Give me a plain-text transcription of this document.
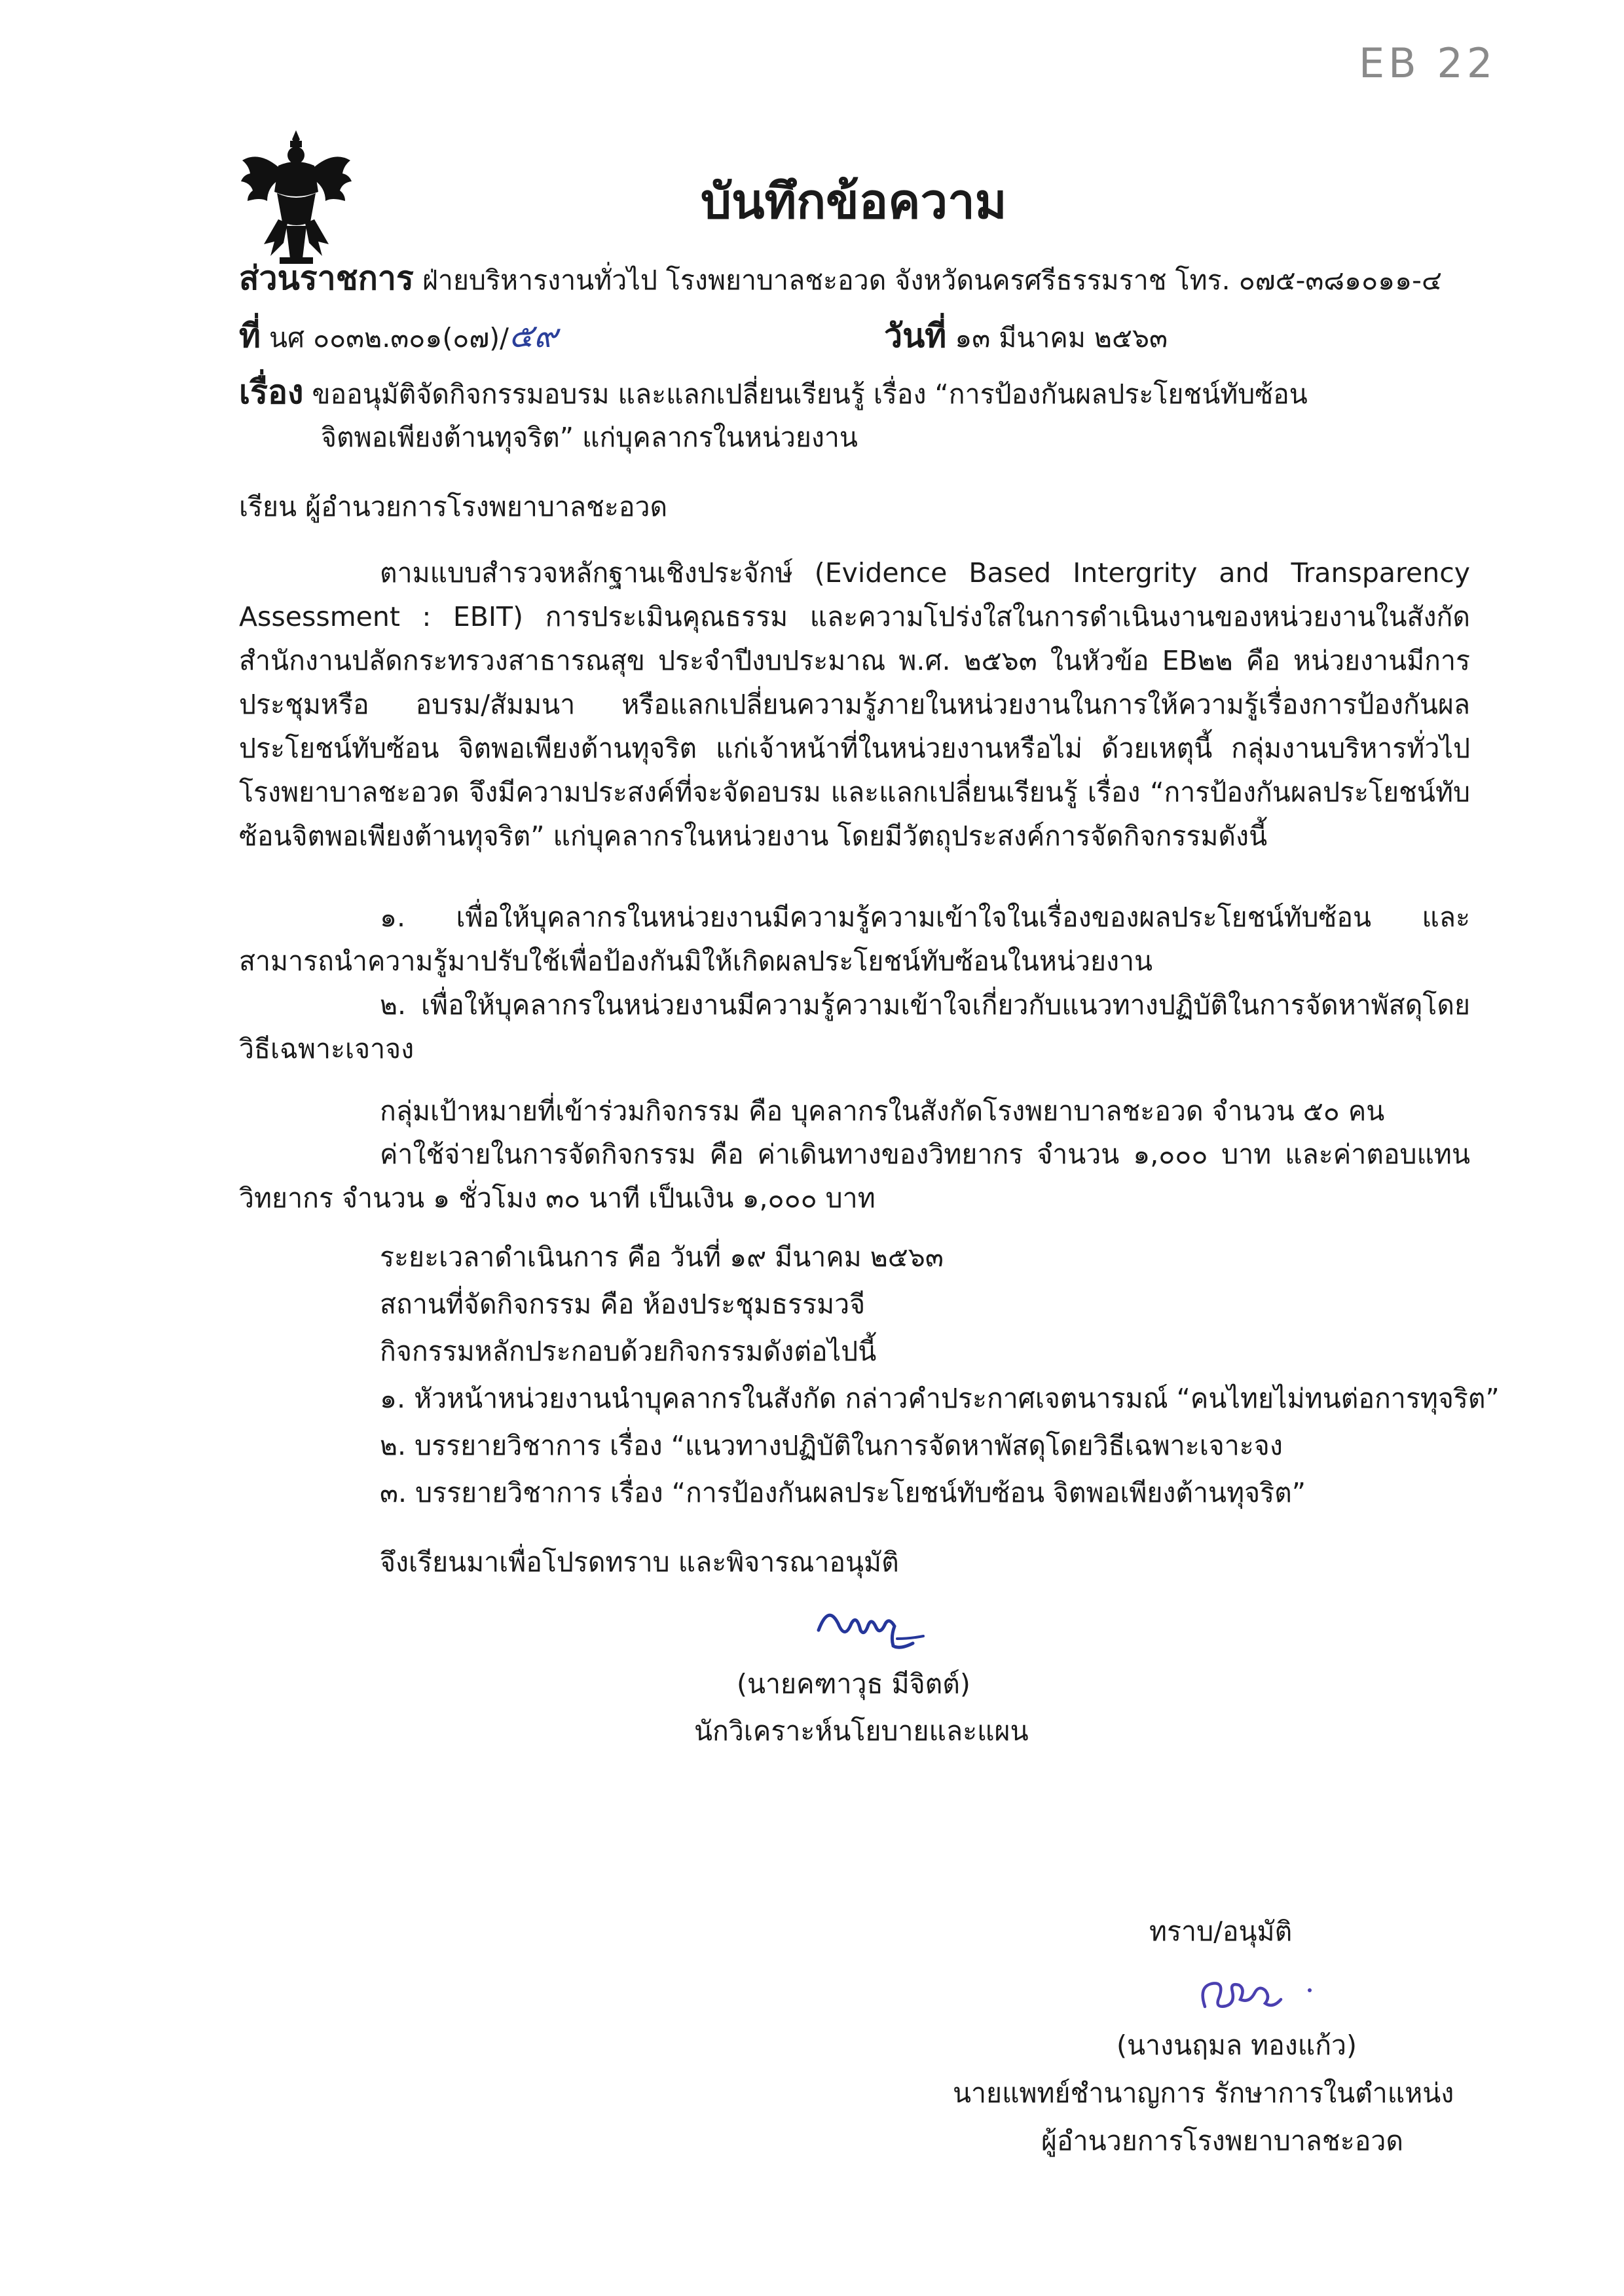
EB 22
บันทึกข้อความ
ส่วนราชการ ฝ่ายบริหารงานทั่วไป โรงพยาบาลชะอวด จังหวัดนครศรีธรรมราช โทร. ๐๗๕-๓๘๑๐๑๑-๔
ที่ นศ ๐๐๓๒.๓๐๑(๐๗)/๕๙	วันที่ ๑๓ มีนาคม ๒๕๖๓
เรื่อง ขออนุมัติจัดกิจกรรมอบรม และแลกเปลี่ยนเรียนรู้ เรื่อง “การป้องกันผลประโยชน์ทับซ้อน
จิตพอเพียงต้านทุจริต” แก่บุคลากรในหน่วยงาน
เรียน ผู้อำนวยการโรงพยาบาลชะอวด
ตามแบบสำรวจหลักฐานเชิงประจักษ์ (Evidence Based Intergrity and Transparency Assessment : EBIT) การประเมินคุณธรรม และความโปร่งใสในการดำเนินงานของหน่วยงานในสังกัดสำนักงานปลัดกระทรวงสาธารณสุข ประจำปีงบประมาณ พ.ศ. ๒๕๖๓ ในหัวข้อ EB๒๒ คือ หน่วยงานมีการประชุมหรือ อบรม/สัมมนา หรือแลกเปลี่ยนความรู้ภายในหน่วยงานในการให้ความรู้เรื่องการป้องกันผลประโยชน์ทับซ้อน จิตพอเพียงต้านทุจริต แก่เจ้าหน้าที่ในหน่วยงานหรือไม่ ด้วยเหตุนี้ กลุ่มงานบริหารทั่วไปโรงพยาบาลชะอวด จึงมีความประสงค์ที่จะจัดอบรม และแลกเปลี่ยนเรียนรู้ เรื่อง “การป้องกันผลประโยชน์ทับซ้อนจิตพอเพียงต้านทุจริต” แก่บุคลากรในหน่วยงาน โดยมีวัตถุประสงค์การจัดกิจกรรมดังนี้
๑. เพื่อให้บุคลากรในหน่วยงานมีความรู้ความเข้าใจในเรื่องของผลประโยชน์ทับซ้อน และสามารถนำความรู้มาปรับใช้เพื่อป้องกันมิให้เกิดผลประโยชน์ทับซ้อนในหน่วยงาน
๒. เพื่อให้บุคลากรในหน่วยงานมีความรู้ความเข้าใจเกี่ยวกับแนวทางปฏิบัติในการจัดหาพัสดุโดยวิธีเฉพาะเจาจง
กลุ่มเป้าหมายที่เข้าร่วมกิจกรรม คือ บุคลากรในสังกัดโรงพยาบาลชะอวด จำนวน ๕๐ คน
ค่าใช้จ่ายในการจัดกิจกรรม คือ ค่าเดินทางของวิทยากร จำนวน ๑,๐๐๐ บาท และค่าตอบแทนวิทยากร จำนวน ๑ ชั่วโมง ๓๐ นาที เป็นเงิน ๑,๐๐๐ บาท
ระยะเวลาดำเนินการ คือ วันที่ ๑๙ มีนาคม ๒๕๖๓
สถานที่จัดกิจกรรม คือ ห้องประชุมธรรมวจี
กิจกรรมหลักประกอบด้วยกิจกรรมดังต่อไปนี้
๑. หัวหน้าหน่วยงานนำบุคลากรในสังกัด กล่าวคำประกาศเจตนารมณ์ “คนไทยไม่ทนต่อการทุจริต”
๒. บรรยายวิชาการ เรื่อง “แนวทางปฏิบัติในการจัดหาพัสดุโดยวิธีเฉพาะเจาะจง
๓. บรรยายวิชาการ เรื่อง “การป้องกันผลประโยชน์ทับซ้อน จิตพอเพียงต้านทุจริต”
จึงเรียนมาเพื่อโปรดทราบ และพิจารณาอนุมัติ
(นายคฑาวุธ มีจิตต์)
นักวิเคราะห์นโยบายและแผน
ทราบ/อนุมัติ
(นางนฤมล ทองแก้ว)
นายแพทย์ชำนาญการ รักษาการในตำแหน่ง
ผู้อำนวยการโรงพยาบาลชะอวด
